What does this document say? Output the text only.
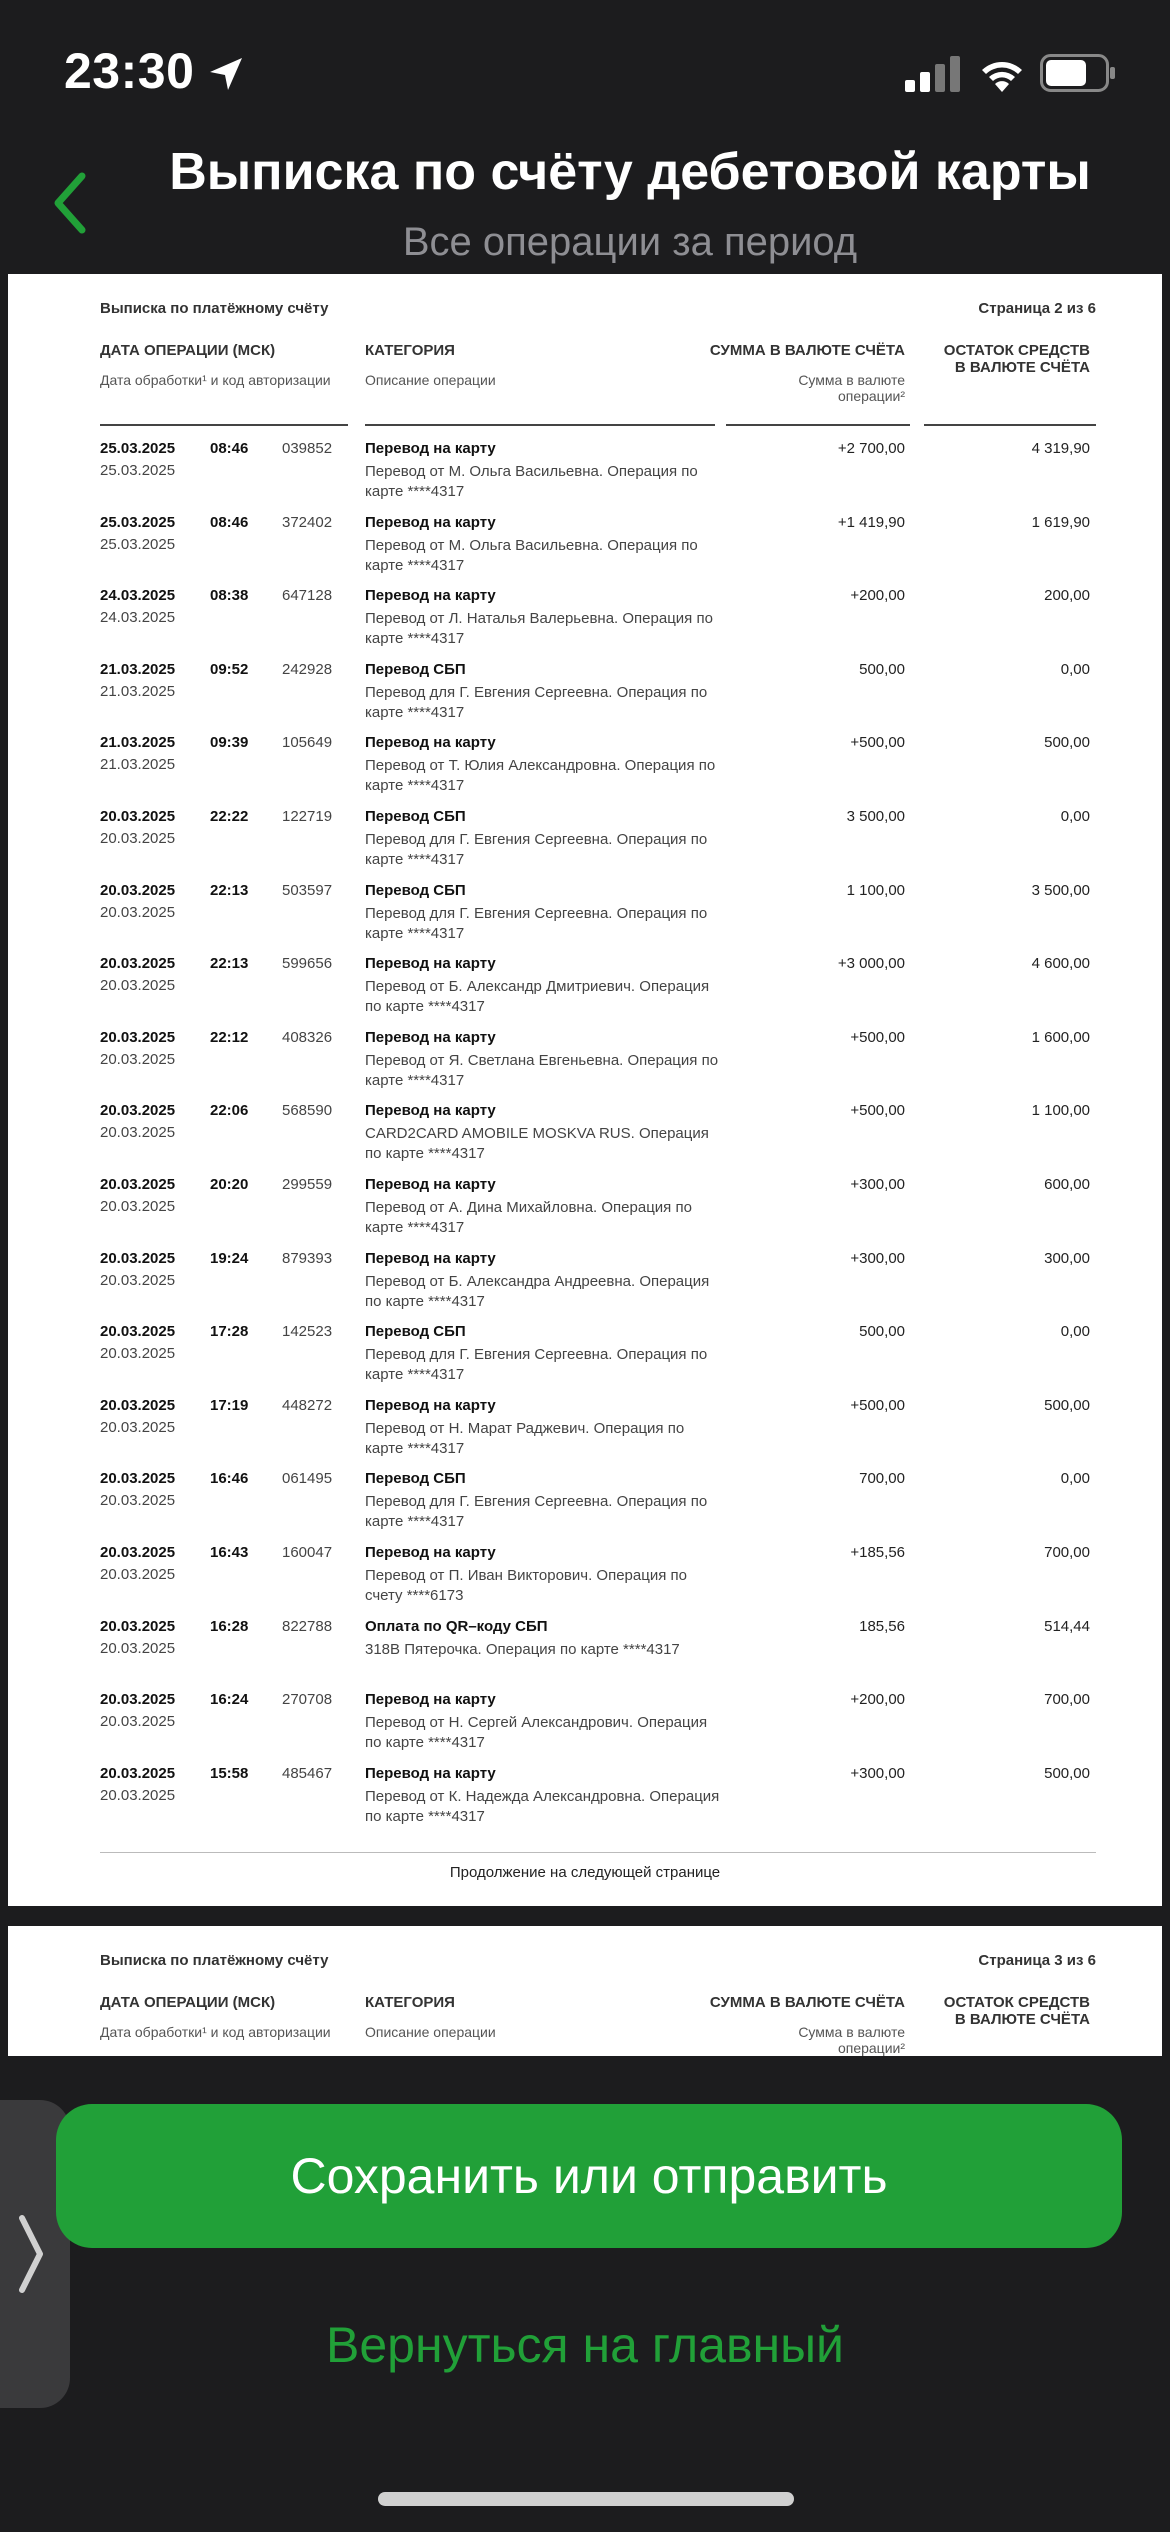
23:30
Выписка по счёту дебетовой карты
Все операции за период
Выписка по платёжному счёту	Страница 2 из 6
ДАТА ОПЕРАЦИИ (МСК)
Дата обработки¹ и код авторизации
КАТЕГОРИЯ
Описание операции
СУММА В ВАЛЮТЕ СЧЁТА
Сумма в валюте операции²
ОСТАТОК СРЕДСТВ В ВАЛЮТЕ СЧЁТА
25.03.2025 08:46 039852
25.03.2025
Перевод на карту
Перевод от М. Ольга Васильевна. Операция по карте ****4317
+2 700,00	4 319,90
25.03.2025 08:46 372402
25.03.2025
Перевод на карту
Перевод от М. Ольга Васильевна. Операция по карте ****4317
+1 419,90	1 619,90
24.03.2025 08:38 647128
24.03.2025
Перевод на карту
Перевод от Л. Наталья Валерьевна. Операция по карте ****4317
+200,00	200,00
21.03.2025 09:52 242928
21.03.2025
Перевод СБП
Перевод для Г. Евгения Сергеевна. Операция по карте ****4317
500,00	0,00
21.03.2025 09:39 105649
21.03.2025
Перевод на карту
Перевод от Т. Юлия Александровна. Операция по карте ****4317
+500,00	500,00
20.03.2025 22:22 122719
20.03.2025
Перевод СБП
Перевод для Г. Евгения Сергеевна. Операция по карте ****4317
3 500,00	0,00
20.03.2025 22:13 503597
20.03.2025
Перевод СБП
Перевод для Г. Евгения Сергеевна. Операция по карте ****4317
1 100,00	3 500,00
20.03.2025 22:13 599656
20.03.2025
Перевод на карту
Перевод от Б. Александр Дмитриевич. Операция по карте ****4317
+3 000,00	4 600,00
20.03.2025 22:12 408326
20.03.2025
Перевод на карту
Перевод от Я. Светлана Евгеньевна. Операция по карте ****4317
+500,00	1 600,00
20.03.2025 22:06 568590
20.03.2025
Перевод на карту
CARD2CARD AMOBILE MOSKVA RUS. Операция по карте ****4317
+500,00	1 100,00
20.03.2025 20:20 299559
20.03.2025
Перевод на карту
Перевод от А. Дина Михайловна. Операция по карте ****4317
+300,00	600,00
20.03.2025 19:24 879393
20.03.2025
Перевод на карту
Перевод от Б. Александра Андреевна. Операция по карте ****4317
+300,00	300,00
20.03.2025 17:28 142523
20.03.2025
Перевод СБП
Перевод для Г. Евгения Сергеевна. Операция по карте ****4317
500,00	0,00
20.03.2025 17:19 448272
20.03.2025
Перевод на карту
Перевод от Н. Марат Раджевич. Операция по карте ****4317
+500,00	500,00
20.03.2025 16:46 061495
20.03.2025
Перевод СБП
Перевод для Г. Евгения Сергеевна. Операция по карте ****4317
700,00	0,00
20.03.2025 16:43 160047
20.03.2025
Перевод на карту
Перевод от П. Иван Викторович. Операция по счету ****6173
+185,56	700,00
20.03.2025 16:28 822788
20.03.2025
Оплата по QR–коду СБП
318В Пятерочка. Операция по карте ****4317
185,56	514,44
20.03.2025 16:24 270708
20.03.2025
Перевод на карту
Перевод от Н. Сергей Александрович. Операция по карте ****4317
+200,00	700,00
20.03.2025 15:58 485467
20.03.2025
Перевод на карту
Перевод от К. Надежда Александровна. Операция по карте ****4317
+300,00	500,00
Продолжение на следующей странице
Выписка по платёжному счёту	Страница 3 из 6
ДАТА ОПЕРАЦИИ (МСК)
Дата обработки¹ и код авторизации
КАТЕГОРИЯ
Описание операции
СУММА В ВАЛЮТЕ СЧЁТА
Сумма в валюте операции²
ОСТАТОК СРЕДСТВ В ВАЛЮТЕ СЧЁТА
Сохранить или отправить
Вернуться на главный
